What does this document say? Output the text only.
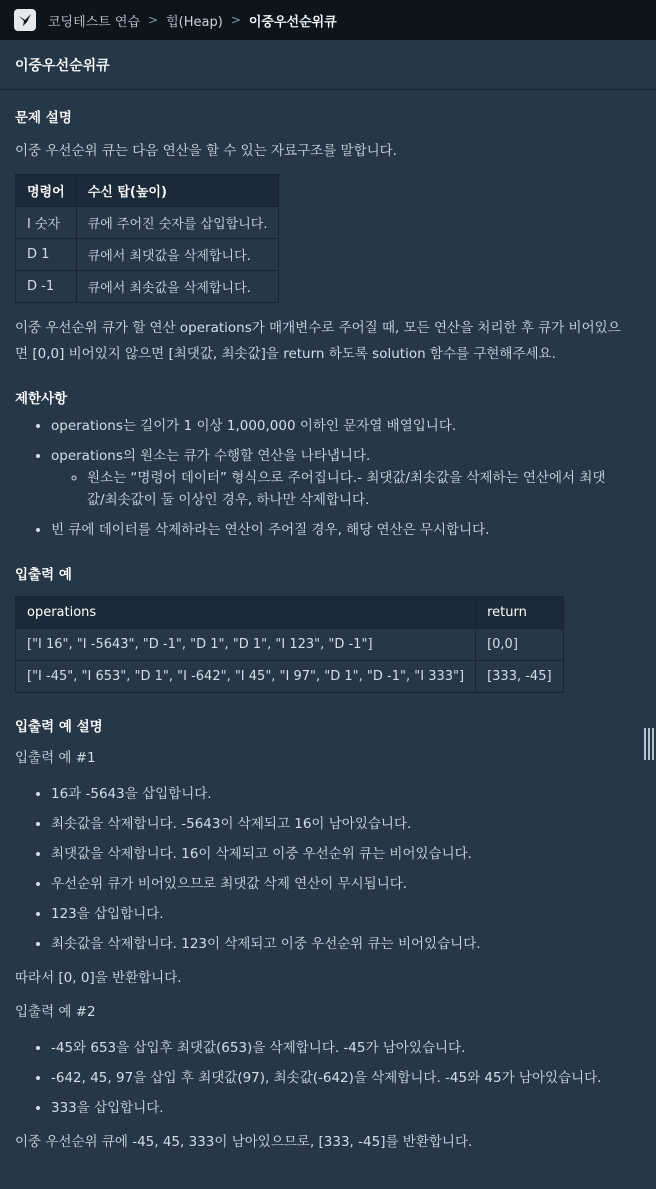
코딩테스트 연습 > 힙(Heap) > 이중우선순위큐
이중우선순위큐
문제 설명

이중 우선순위 큐는 다음 연산을 할 수 있는 자료구조를 말합니다.

명령어	수신 탑(높이)
I 숫자	큐에 주어진 숫자를 삽입합니다.
D 1	큐에서 최댓값을 삭제합니다.
D -1	큐에서 최솟값을 삭제합니다.

이중 우선순위 큐가 할 연산 operations가 매개변수로 주어질 때, 모든 연산을 처리한 후 큐가 비어있으

면 [0,0] 비어있지 않으면 [최댓값, 최솟값]을 return 하도록 solution 함수를 구현해주세요.

제한사항
• operations는 길이가 1 이상 1,000,000 이하인 문자열 배열입니다.
• operations의 원소는 큐가 수행할 연산을 나타냅니다.
◦ 원소는 “명령어 데이터” 형식으로 주어집니다.- 최댓값/최솟값을 삭제하는 연산에서 최댓
값/최솟값이 둘 이상인 경우, 하나만 삭제합니다.
• 빈 큐에 데이터를 삭제하라는 연산이 주어질 경우, 해당 연산은 무시합니다.
입출력 예
operations	return
["I 16", "I -5643", "D -1", "D 1", "D 1", "I 123", "D -1"]	[0,0]
["I -45", "I 653", "D 1", "I -642", "I 45", "I 97", "D 1", "D -1", "I 333"]	[333, -45]
입출력 예 설명

입출력 예 #1

• 16과 -5643을 삽입합니다.
• 최솟값을 삭제합니다. -5643이 삭제되고 16이 남아있습니다.
• 최댓값을 삭제합니다. 16이 삭제되고 이중 우선순위 큐는 비어있습니다.
• 우선순위 큐가 비어있으므로 최댓값 삭제 연산이 무시됩니다.
• 123을 삽입합니다.
• 최솟값을 삭제합니다. 123이 삭제되고 이중 우선순위 큐는 비어있습니다.

따라서 [0, 0]을 반환합니다.

입출력 예 #2

• -45와 653을 삽입후 최댓값(653)을 삭제합니다. -45가 남아있습니다.
• -642, 45, 97을 삽입 후 최댓값(97), 최솟값(-642)을 삭제합니다. -45와 45가 남아있습니다.
• 333을 삽입합니다.

이중 우선순위 큐에 -45, 45, 333이 남아있으므로, [333, -45]를 반환합니다.
